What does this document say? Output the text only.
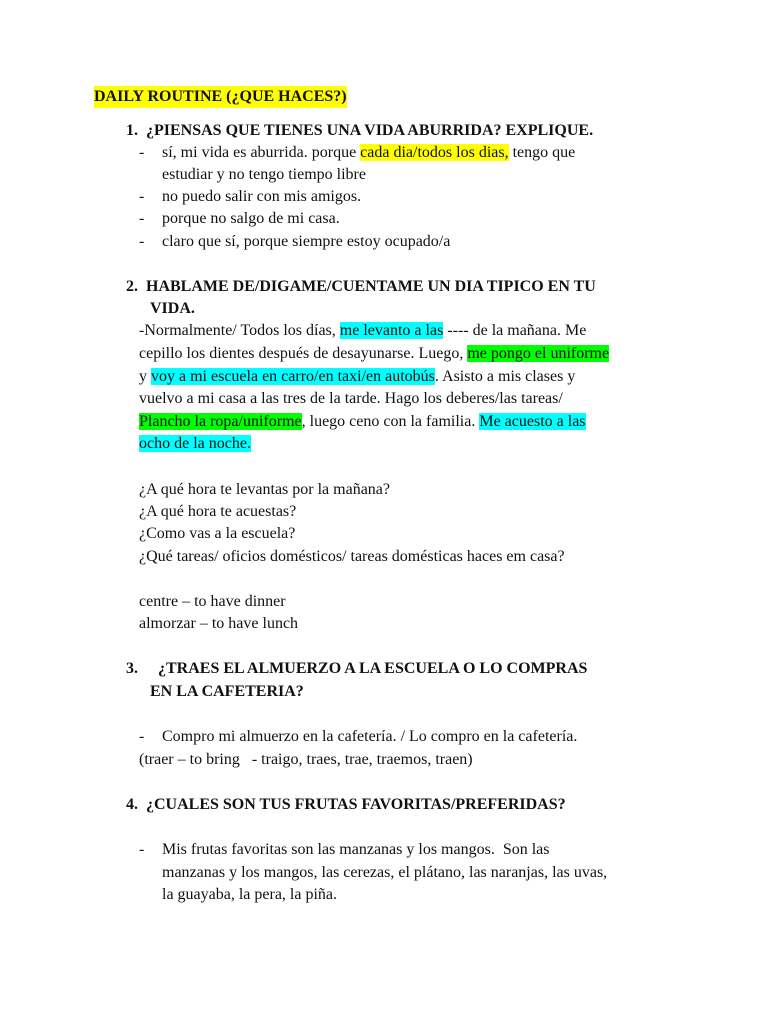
DAILY ROUTINE (¿QUE HACES?)
1. ¿PIENSAS QUE TIENES UNA VIDA ABURRIDA? EXPLIQUE.
- sí, mi vida es aburrida. porque cada dia/todos los dias, tengo que
estudiar y no tengo tiempo libre
- no puedo salir con mis amigos.
- porque no salgo de mi casa.
- claro que sí, porque siempre estoy ocupado/a
2. HABLAME DE/DIGAME/CUENTAME UN DIA TIPICO EN TU
VIDA.
-Normalmente/ Todos los días, me levanto a las ---- de la mañana. Me
cepillo los dientes después de desayunarse. Luego, me pongo el uniforme
y voy a mi escuela en carro/en taxi/en autobús. Asisto a mis clases y
vuelvo a mi casa a las tres de la tarde. Hago los deberes/las tareas/
Plancho la ropa/uniforme, luego ceno con la familia. Me acuesto a las
ocho de la noche.
¿A qué hora te levantas por la mañana?
¿A qué hora te acuestas?
¿Como vas a la escuela?
¿Qué tareas/ oficios domésticos/ tareas domésticas haces em casa?
centre – to have dinner
almorzar – to have lunch
3. ¿TRAES EL ALMUERZO A LA ESCUELA O LO COMPRAS
EN LA CAFETERIA?
- Compro mi almuerzo en la cafetería. / Lo compro en la cafetería.
(traer – to bring   - traigo, traes, trae, traemos, traen)
4. ¿CUALES SON TUS FRUTAS FAVORITAS/PREFERIDAS?
- Mis frutas favoritas son las manzanas y los mangos.  Son las
manzanas y los mangos, las cerezas, el plátano, las naranjas, las uvas,
la guayaba, la pera, la piña.
